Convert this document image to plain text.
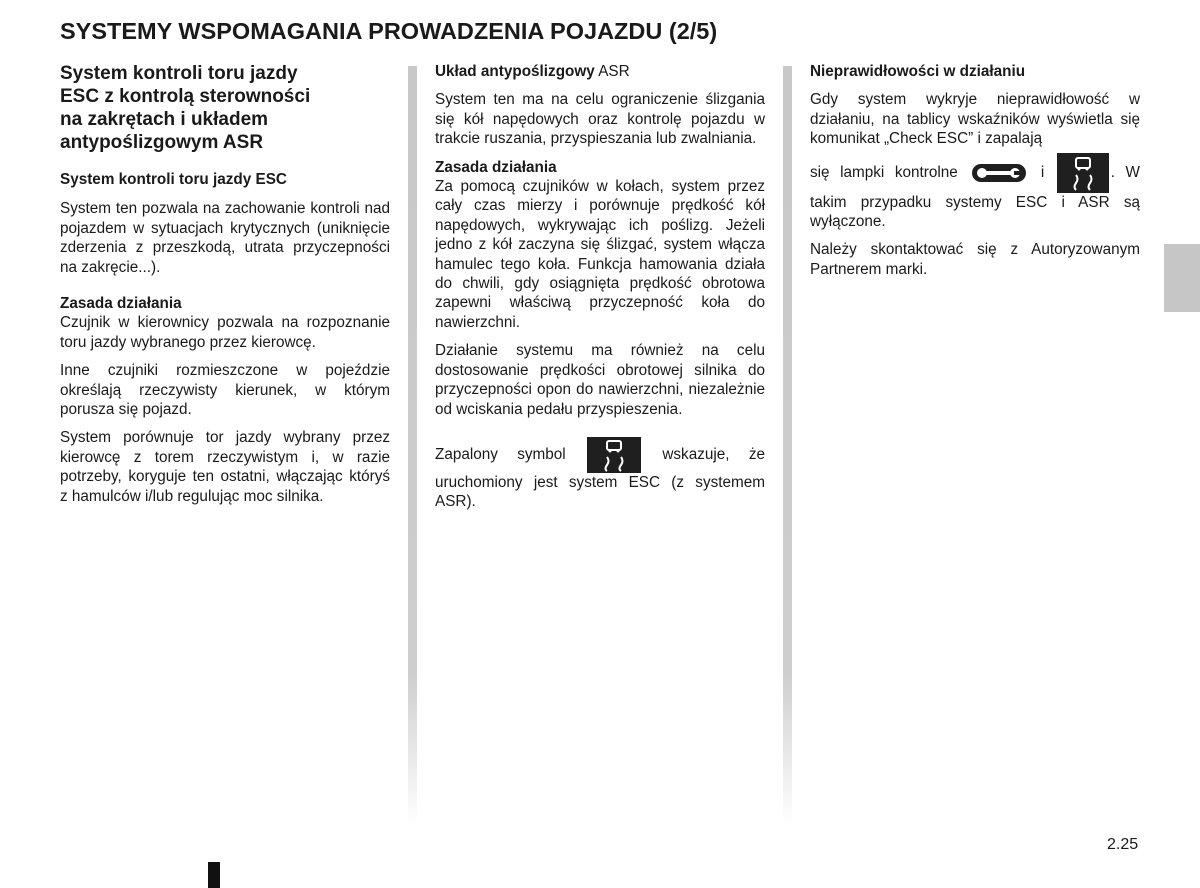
SYSTEMY WSPOMAGANIA PROWADZENIA POJAZDU (2/5)
System kontroli toru jazdy
ESC z kontrolą sterowności
na zakrętach i układem
antypoślizgowym ASR

System kontroli toru jazdy ESC

System ten pozwala na zachowanie kontroli nad pojazdem w sytuacjach krytycznych (uniknięcie zderzenia z przeszkodą, utrata przyczepności na zakręcie...).

Zasada działania

Czujnik w kierownicy pozwala na rozpoznanie toru jazdy wybranego przez kierowcę.

Inne czujniki rozmieszczone w pojeździe określają rzeczywisty kierunek, w którym porusza się pojazd.

System porównuje tor jazdy wybrany przez kierowcę z torem rzeczywistym i, w razie potrzeby, koryguje ten ostatni, włączając któryś z hamulców i/lub regulując moc silnika.

Układ antypoślizgowy ASR

System ten ma na celu ograniczenie ślizgania się kół napędowych oraz kontrolę pojazdu w trakcie ruszania, przyspieszania lub zwalniania.

Zasada działania

Za pomocą czujników w kołach, system przez cały czas mierzy i porównuje prędkość kół napędowych, wykrywając ich poślizg. Jeżeli jedno z kół zaczyna się ślizgać, system włącza hamulec tego koła. Funkcja hamowania działa do chwili, gdy osiągnięta prędkość obrotowa zapewni właściwą przyczepność koła do nawierzchni.

Działanie systemu ma również na celu dostosowanie prędkości obrotowej silnika do przyczepności opon do nawierzchni, niezależnie od wciskania pedału przyspieszenia.

Zapalony symbol	wskazuje, że uruchomiony jest system ESC (z systemem ASR).

Nieprawidłowości w działaniu

Gdy system wykryje nieprawidłowość w działaniu, na tablicy wskaźników wyświetla się komunikat „Check ESC” i zapalają

się lampki kontrolne	i	. W takim przypadku systemy ESC i ASR są wyłączone.

Należy skontaktować się z Autoryzowanym Partnerem marki.

2.25
